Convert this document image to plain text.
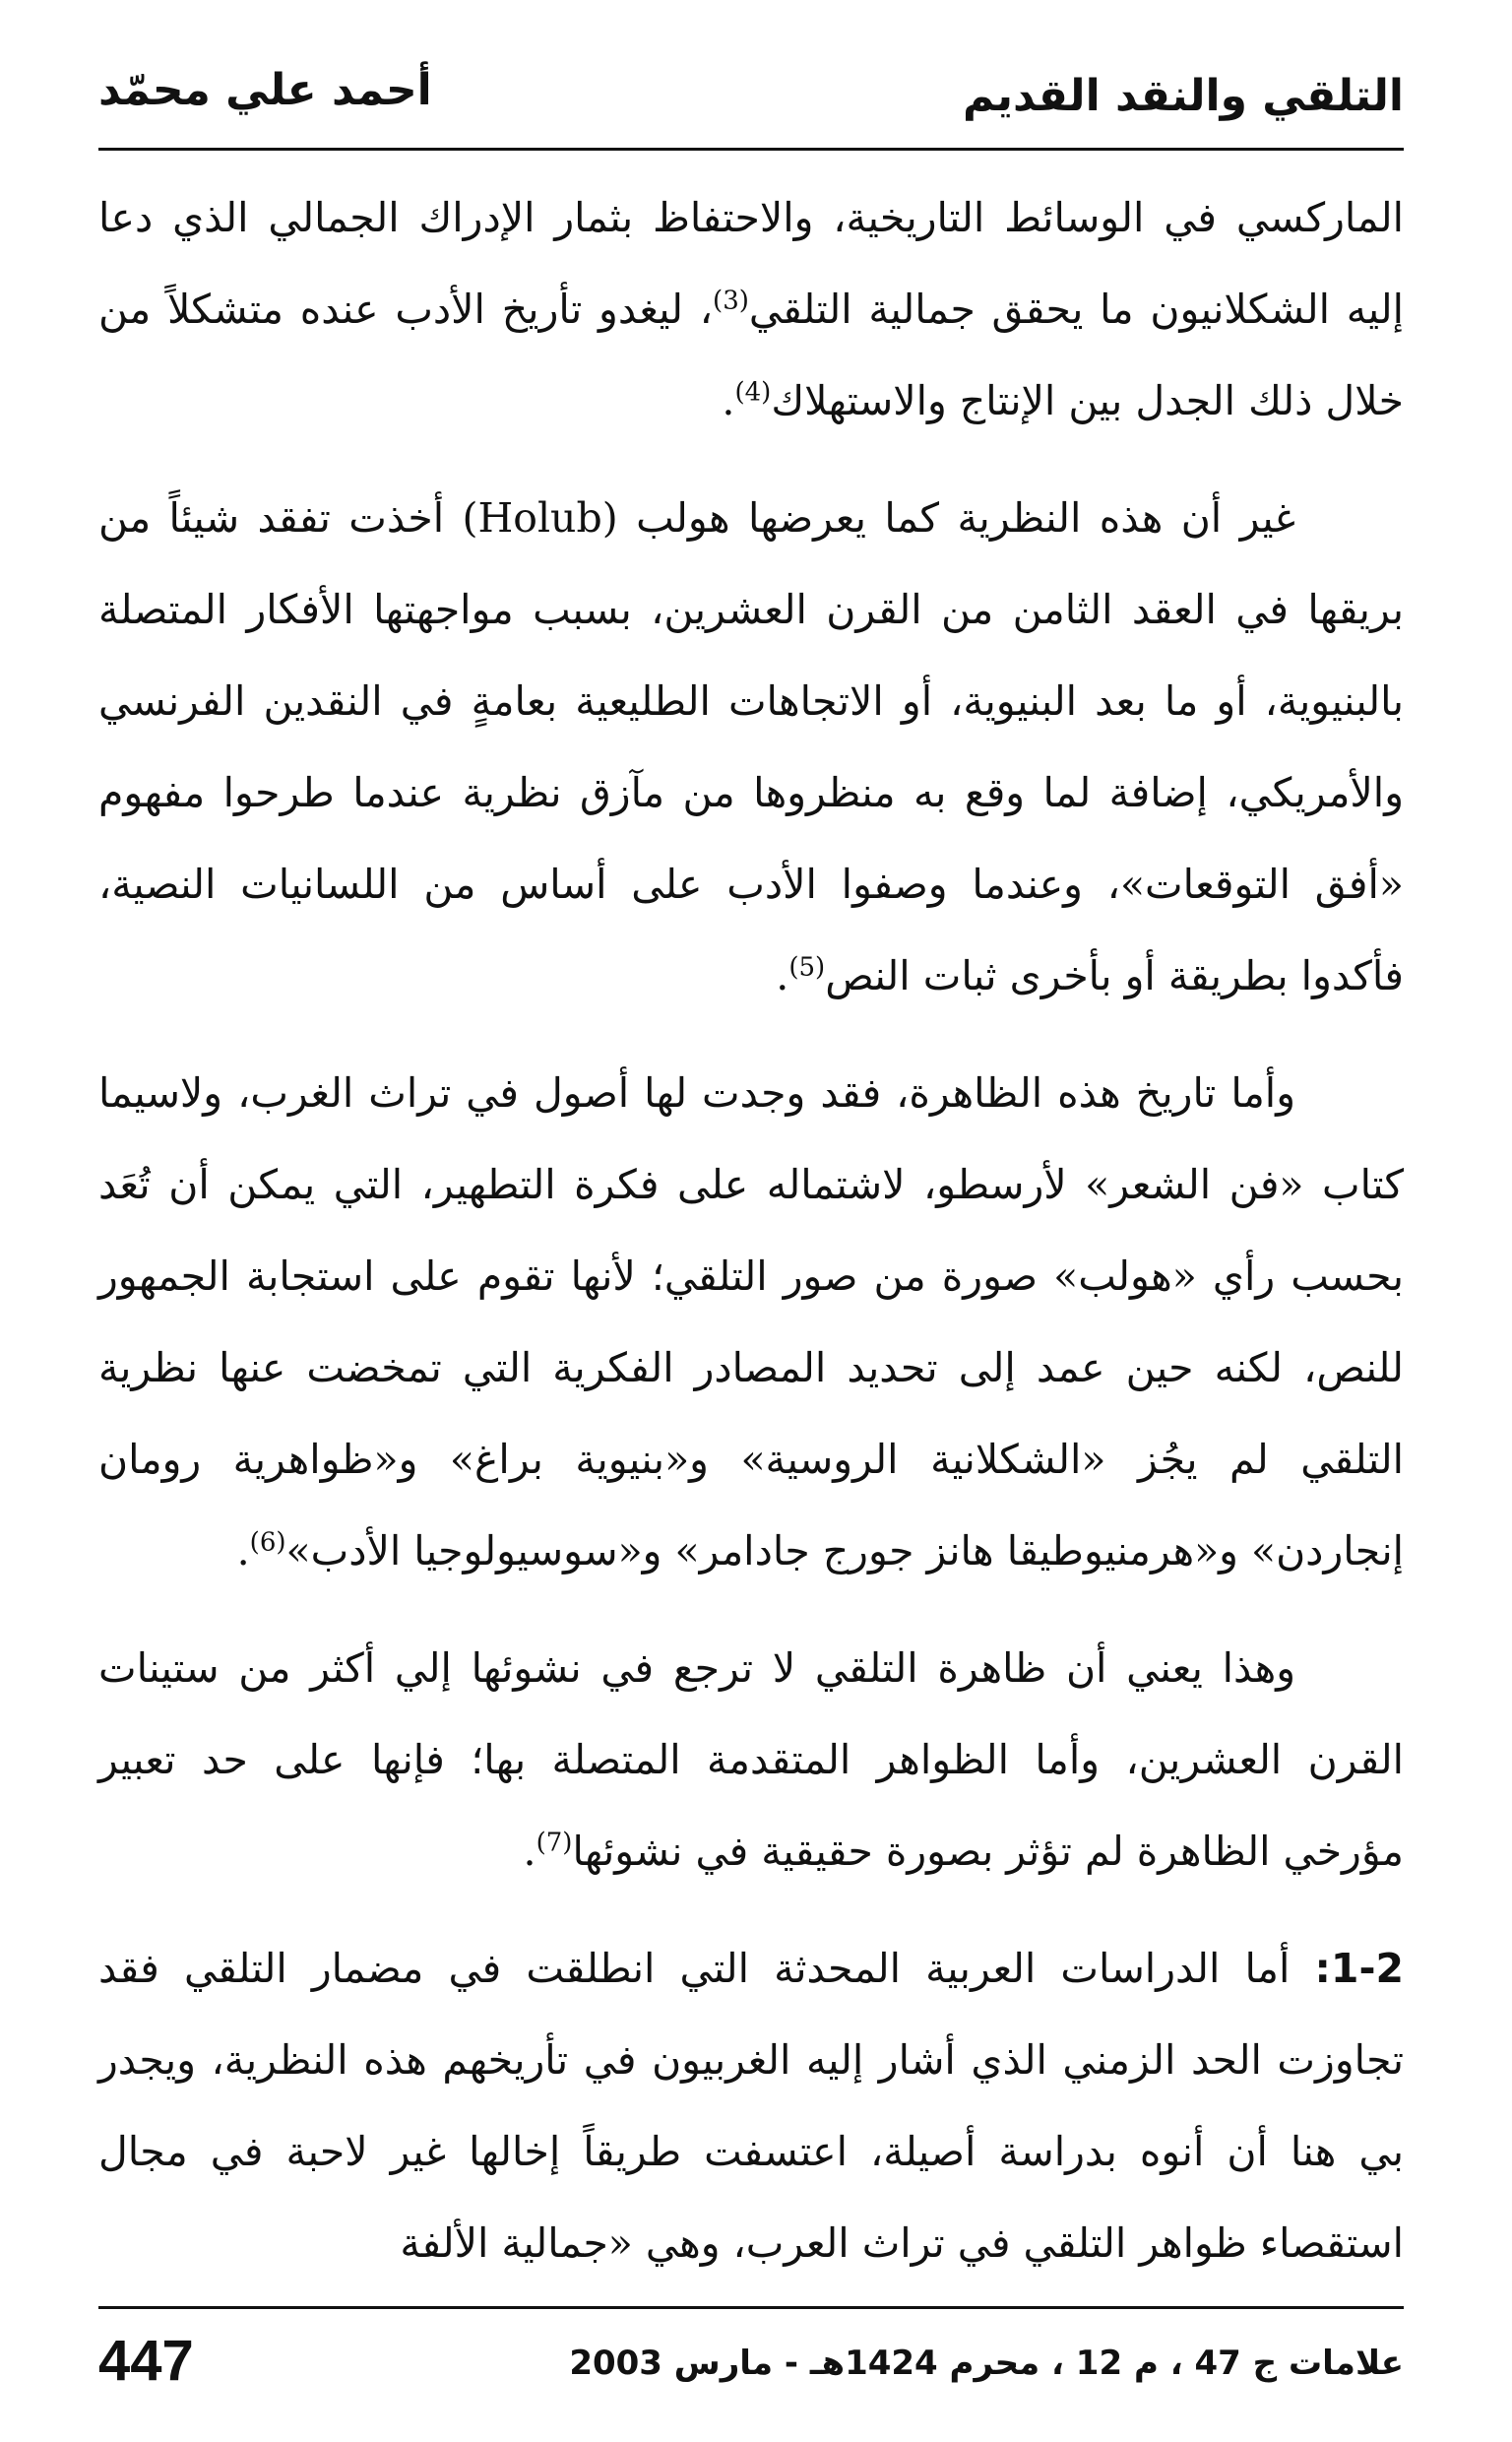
التلقي والنقد القديم
أحمد علي محمّد

الماركسي في الوسائط التاريخية، والاحتفاظ بثمار الإدراك الجمالي الذي دعا إليه الشكلانيون ما يحقق جمالية التلقي$^{(3)}$، ليغدو تأريخ الأدب عنده متشكلاً من خلال ذلك الجدل بين الإنتاج والاستهلاك$^{(4)}$.

غير أن هذه النظرية كما يعرضها هولب (Holub) أخذت تفقد شيئاً من بريقها في العقد الثامن من القرن العشرين، بسبب مواجهتها الأفكار المتصلة بالبنيوية، أو ما بعد البنيوية، أو الاتجاهات الطليعية بعامةٍ في النقدين الفرنسي والأمريكي، إضافة لما وقع به منظروها من مآزق نظرية عندما طرحوا مفهوم «أفق التوقعات»، وعندما وصفوا الأدب على أساس من اللسانيات النصية، فأكدوا بطريقة أو بأخرى ثبات النص$^{(5)}$.

وأما تاريخ هذه الظاهرة، فقد وجدت لها أصول في تراث الغرب، ولاسيما كتاب «فن الشعر» لأرسطو، لاشتماله على فكرة التطهير، التي يمكن أن تُعَد بحسب رأي «هولب» صورة من صور التلقي؛ لأنها تقوم على استجابة الجمهور للنص، لكنه حين عمد إلى تحديد المصادر الفكرية التي تمخضت عنها نظرية التلقي لم يجُز «الشكلانية الروسية» و«بنيوية براغ» و«ظواهرية رومان إنجاردن» و«هرمنيوطيقا هانز جورج جادامر» و«سوسيولوجيا الأدب»$^{(6)}$.

وهذا يعني أن ظاهرة التلقي لا ترجع في نشوئها إلي أكثر من ستينات القرن العشرين، وأما الظواهر المتقدمة المتصلة بها؛ فإنها على حد تعبير مؤرخي الظاهرة لم تؤثر بصورة حقيقية في نشوئها$^{(7)}$.

1-2: أما الدراسات العربية المحدثة التي انطلقت في مضمار التلقي فقد تجاوزت الحد الزمني الذي أشار إليه الغربيون في تأريخهم هذه النظرية، ويجدر بي هنا أن أنوه بدراسة أصيلة، اعتسفت طريقاً إخالها غير لاحبة في مجال استقصاء ظواهر التلقي في تراث العرب، وهي «جمالية الألفة

447	علامات ج 47 ، م 12 ، محرم 1424هـ - مارس 2003
